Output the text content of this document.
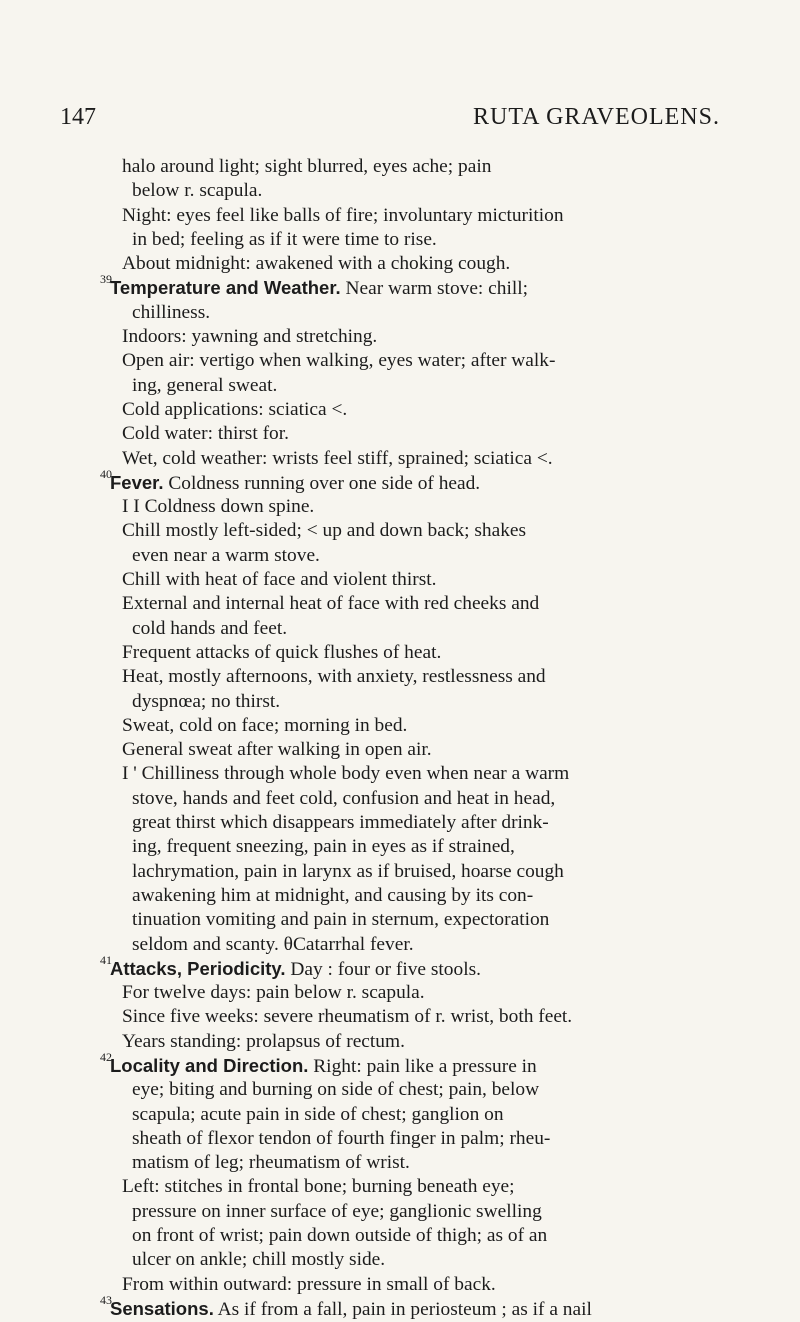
147	RUTA GRAVEOLENS.
halo around light; sight blurred, eyes ache; pain
below r. scapula.
Night: eyes feel like balls of fire; involuntary micturition
in bed; feeling as if it were time to rise.
About midnight: awakened with a choking cough.
39
Temperature and Weather. Near warm stove: chill;
chilliness.
Indoors: yawning and stretching.
Open air: vertigo when walking, eyes water; after walk-
ing, general sweat.
Cold applications: sciatica <.
Cold water: thirst for.
Wet, cold weather: wrists feel stiff, sprained; sciatica <.
40
Fever. Coldness running over one side of head.
I I Coldness down spine.
Chill mostly left-sided; < up and down back; shakes
even near a warm stove.
Chill with heat of face and violent thirst.
External and internal heat of face with red cheeks and
cold hands and feet.
Frequent attacks of quick flushes of heat.
Heat, mostly afternoons, with anxiety, restlessness and
dyspnœa; no thirst.
Sweat, cold on face; morning in bed.
General sweat after walking in open air.
I ' Chilliness through whole body even when near a warm
stove, hands and feet cold, confusion and heat in head,
great thirst which disappears immediately after drink-
ing, frequent sneezing, pain in eyes as if strained,
lachrymation, pain in larynx as if bruised, hoarse cough
awakening him at midnight, and causing by its con-
tinuation vomiting and pain in sternum, expectoration
seldom and scanty. θCatarrhal fever.
41
Attacks, Periodicity. Day : four or five stools.
For twelve days: pain below r. scapula.
Since five weeks: severe rheumatism of r. wrist, both feet.
Years standing: prolapsus of rectum.
42
Locality and Direction. Right: pain like a pressure in
eye; biting and burning on side of chest; pain, below
scapula; acute pain in side of chest; ganglion on
sheath of flexor tendon of fourth finger in palm; rheu-
matism of leg; rheumatism of wrist.
Left: stitches in frontal bone; burning beneath eye;
pressure on inner surface of eye; ganglionic swelling
on front of wrist; pain down outside of thigh; as of an
ulcer on ankle; chill mostly side.
From within outward: pressure in small of back.
43
Sensations. As if from a fall, pain in periosteum ; as if a nail
